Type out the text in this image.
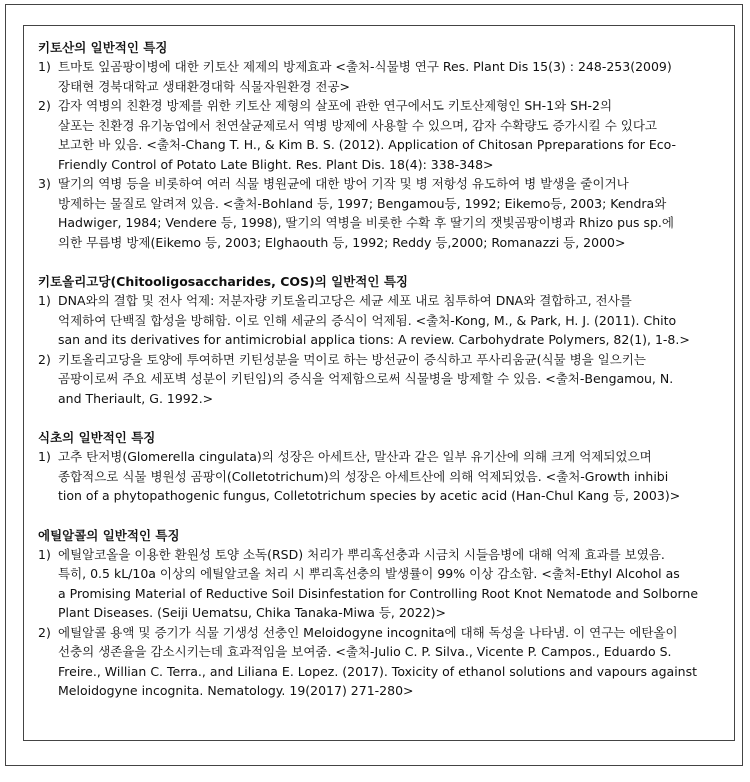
키토산의 일반적인 특징
1) 트마토 잎곰팡이병에 대한 키토산 제제의 방제효과 <출처-식물병 연구 Res. Plant Dis 15(3) : 248-253(2009)
장태현 경북대학교 생태환경대학 식물자원환경 전공>
2) 감자 역병의 친환경 방제를 위한 키토산 제형의 살포에 관한 연구에서도 키토산제형인 SH-1와 SH-2의
살포는 친환경 유기농업에서 천연살균제로서 역병 방제에 사용할 수 있으며, 감자 수확량도 증가시킬 수 있다고
보고한 바 있음. <출처-Chang T. H., & Kim B. S. (2012). Application of Chitosan Ppreparations for Eco-
Friendly Control of Potato Late Blight. Res. Plant Dis. 18(4): 338-348>
3) 딸기의 역병 등을 비롯하여 여러 식물 병원균에 대한 방어 기작 및 병 저항성 유도하여 병 발생을 줄이거나
방제하는 물질로 알려져 있음. <출처-Bohland 등, 1997; Bengamou등, 1992; Eikemo등, 2003; Kendra와
Hadwiger, 1984; Vendere 등, 1998), 딸기의 역병을 비롯한 수확 후 딸기의 잿빛곰팡이병과 Rhizo pus sp.에
의한 무름병 방제(Eikemo 등, 2003; Elghaouth 등, 1992; Reddy 등,2000; Romanazzi 등, 2000>
키토올리고당(Chitooligosaccharides, COS)의 일반적인 특징
1) DNA와의 결합 및 전사 억제: 저분자량 키토올리고당은 세균 세포 내로 침투하여 DNA와 결합하고, 전사를
억제하여 단백질 합성을 방해함. 이로 인해 세균의 증식이 억제됨. <출처-Kong, M., & Park, H. J. (2011). Chito
san and its derivatives for antimicrobial applica tions: A review. Carbohydrate Polymers, 82(1), 1-8.>
2) 키토올리고당을 토양에 투여하면 키틴성분을 먹이로 하는 방선균이 증식하고 푸사리움균(식물 병을 일으키는
곰팡이로써 주요 세포벽 성분이 키틴임)의 증식을 억제함으로써 식물병을 방제할 수 있음. <출처-Bengamou, N.
and Theriault, G. 1992.>
식초의 일반적인 특징
1) 고추 탄저병(Glomerella cingulata)의 성장은 아세트산, 말산과 같은 일부 유기산에 의해 크게 억제되었으며
종합적으로 식물 병원성 곰팡이(Colletotrichum)의 성장은 아세트산에 의해 억제되었음. <출처-Growth inhibi
tion of a phytopathogenic fungus, Colletotrichum species by acetic acid (Han-Chul Kang 등, 2003)>
에틸알콜의 일반적인 특징
1) 에틸알코올을 이용한 환원성 토양 소독(RSD) 처리가 뿌리혹선충과 시금치 시들음병에 대해 억제 효과를 보였음.
특히, 0.5 kL/10a 이상의 에틸알코올 처리 시 뿌리혹선충의 발생률이 99% 이상 감소함. <출처-Ethyl Alcohol as
a Promising Material of Reductive Soil Disinfestation for Controlling Root Knot Nematode and Solborne
Plant Diseases. (Seiji Uematsu, Chika Tanaka-Miwa 등, 2022)>
2) 에틸알콜 용액 및 증기가 식물 기생성 선충인 Meloidogyne incognita에 대해 독성을 나타냄. 이 연구는 에탄올이
선충의 생존율을 감소시키는데 효과적임을 보여줌. <출처-Julio C. P. Silva., Vicente P. Campos., Eduardo S.
Freire., Willian C. Terra., and Liliana E. Lopez. (2017). Toxicity of ethanol solutions and vapours against
Meloidogyne incognita. Nematology. 19(2017) 271-280>
